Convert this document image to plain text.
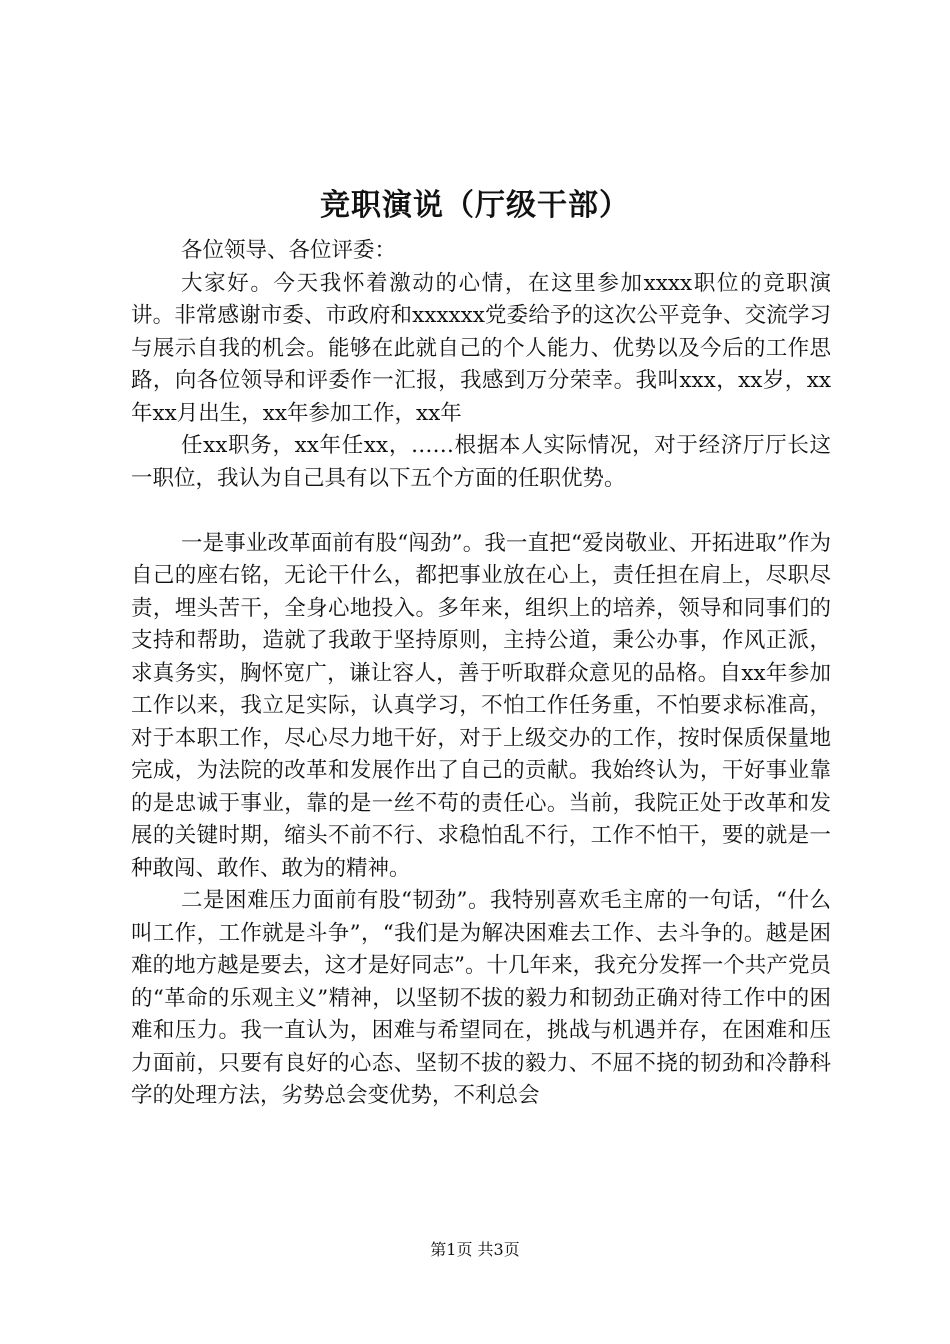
竞职演说（厅级干部）

各位领导、各位评委：

大家好。今天我怀着激动的心情，在这里参加xxxx职位的竞职演讲。非常感谢市委、市政府和xxxxxx党委给予的这次公平竞争、交流学习与展示自我的机会。能够在此就自己的个人能力、优势以及今后的工作思路，向各位领导和评委作一汇报，我感到万分荣幸。我叫xxx，xx岁，xx年xx月出生，xx年参加工作，xx年

任xx职务，xx年任xx，……根据本人实际情况，对于经济厅厅长这一职位，我认为自己具有以下五个方面的任职优势。

一是事业改革面前有股“闯劲”。我一直把“爱岗敬业、开拓进取”作为自己的座右铭，无论干什么，都把事业放在心上，责任担在肩上，尽职尽责，埋头苦干，全身心地投入。多年来，组织上的培养，领导和同事们的支持和帮助，造就了我敢于坚持原则，主持公道，秉公办事，作风正派，求真务实，胸怀宽广，谦让容人，善于听取群众意见的品格。自xx年参加工作以来，我立足实际，认真学习，不怕工作任务重，不怕要求标准高，对于本职工作，尽心尽力地干好，对于上级交办的工作，按时保质保量地完成，为法院的改革和发展作出了自己的贡献。我始终认为，干好事业靠的是忠诚于事业，靠的是一丝不苟的责任心。当前，我院正处于改革和发展的关键时期，缩头不前不行、求稳怕乱不行，工作不怕干，要的就是一种敢闯、敢作、敢为的精神。

二是困难压力面前有股“韧劲”。我特别喜欢毛主席的一句话，“什么叫工作，工作就是斗争”，“我们是为解决困难去工作、去斗争的。越是困难的地方越是要去，这才是好同志”。十几年来，我充分发挥一个共产党员的“革命的乐观主义”精神，以坚韧不拔的毅力和韧劲正确对待工作中的困难和压力。我一直认为，困难与希望同在，挑战与机遇并存，在困难和压力面前，只要有良好的心态、坚韧不拔的毅力、不屈不挠的韧劲和冷静科学的处理方法，劣势总会变优势，不利总会

第1页 共3页
